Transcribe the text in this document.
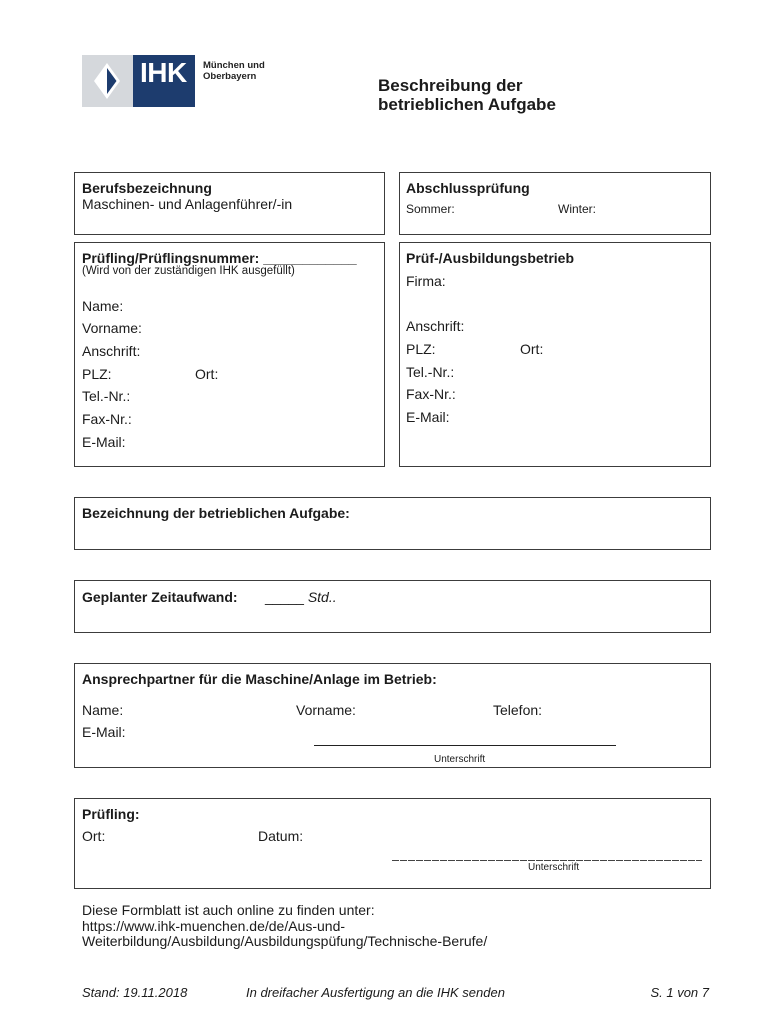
IHK München und
Oberbayern	Beschreibung der
betrieblichen Aufgabe
Berufsbezeichnung
Maschinen- und Anlagenführer/-in
Abschlussprüfung
Sommer:	Winter:
Prüfling/Prüflingsnummer: ____________
(Wird von der zuständigen IHK ausgefüllt)
Name:
Vorname:
Anschrift:
PLZ:	Ort:
Tel.-Nr.:
Fax-Nr.:
E-Mail:
Prüf-/Ausbildungsbetrieb
Firma:
Anschrift:
PLZ:	Ort:
Tel.-Nr.:
Fax-Nr.:
E-Mail:
Bezeichnung der betrieblichen Aufgabe:
Geplanter Zeitaufwand: _____ Std..
Ansprechpartner für die Maschine/Anlage im Betrieb:
Name:	Vorname:	Telefon:
E-Mail:
Unterschrift
Prüfling:
Ort:	Datum:
Unterschrift
Diese Formblatt ist auch online zu finden unter:
https://www.ihk-muenchen.de/de/Aus-und-
Weiterbildung/Ausbildung/Ausbildungspüfung/Technische-Berufe/
Stand: 19.11.2018	In dreifacher Ausfertigung an die IHK senden	S. 1 von 7
